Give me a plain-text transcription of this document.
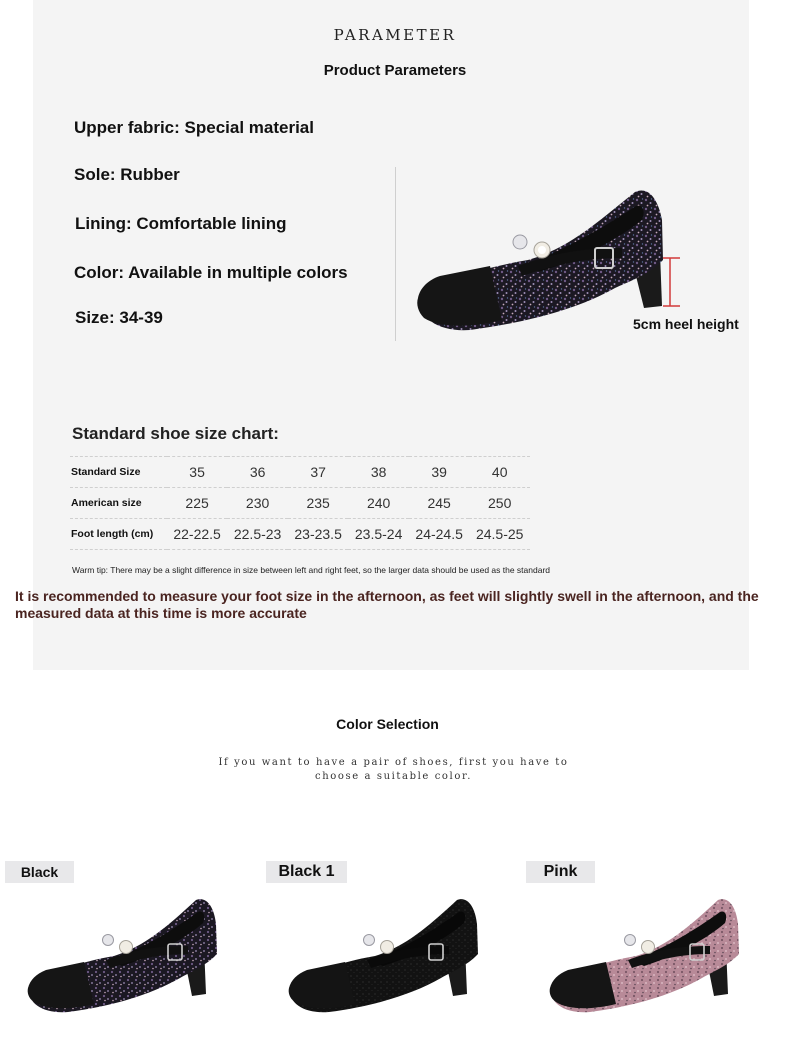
PARAMETER
Product Parameters
Upper fabric: Special material
Sole: Rubber
Lining: Comfortable lining
Color: Available in multiple colors
Size: 34-39	5cm heel height
Standard shoe size chart:
Standard Size	35	36	37	38	39	40
American size	225	230	235	240	245	250
Foot length (cm)	22-22.5	22.5-23	23-23.5	23.5-24	24-24.5	24.5-25
Warm tip: There may be a slight difference in size between left and right feet, so the larger data should be used as the standard
It is recommended to measure your foot size in the afternoon, as feet will slightly swell in the afternoon, and the measured data at this time is more accurate
Color Selection
If you want to have a pair of shoes, first you have to
choose a suitable color.
Black	Black 1	Pink
